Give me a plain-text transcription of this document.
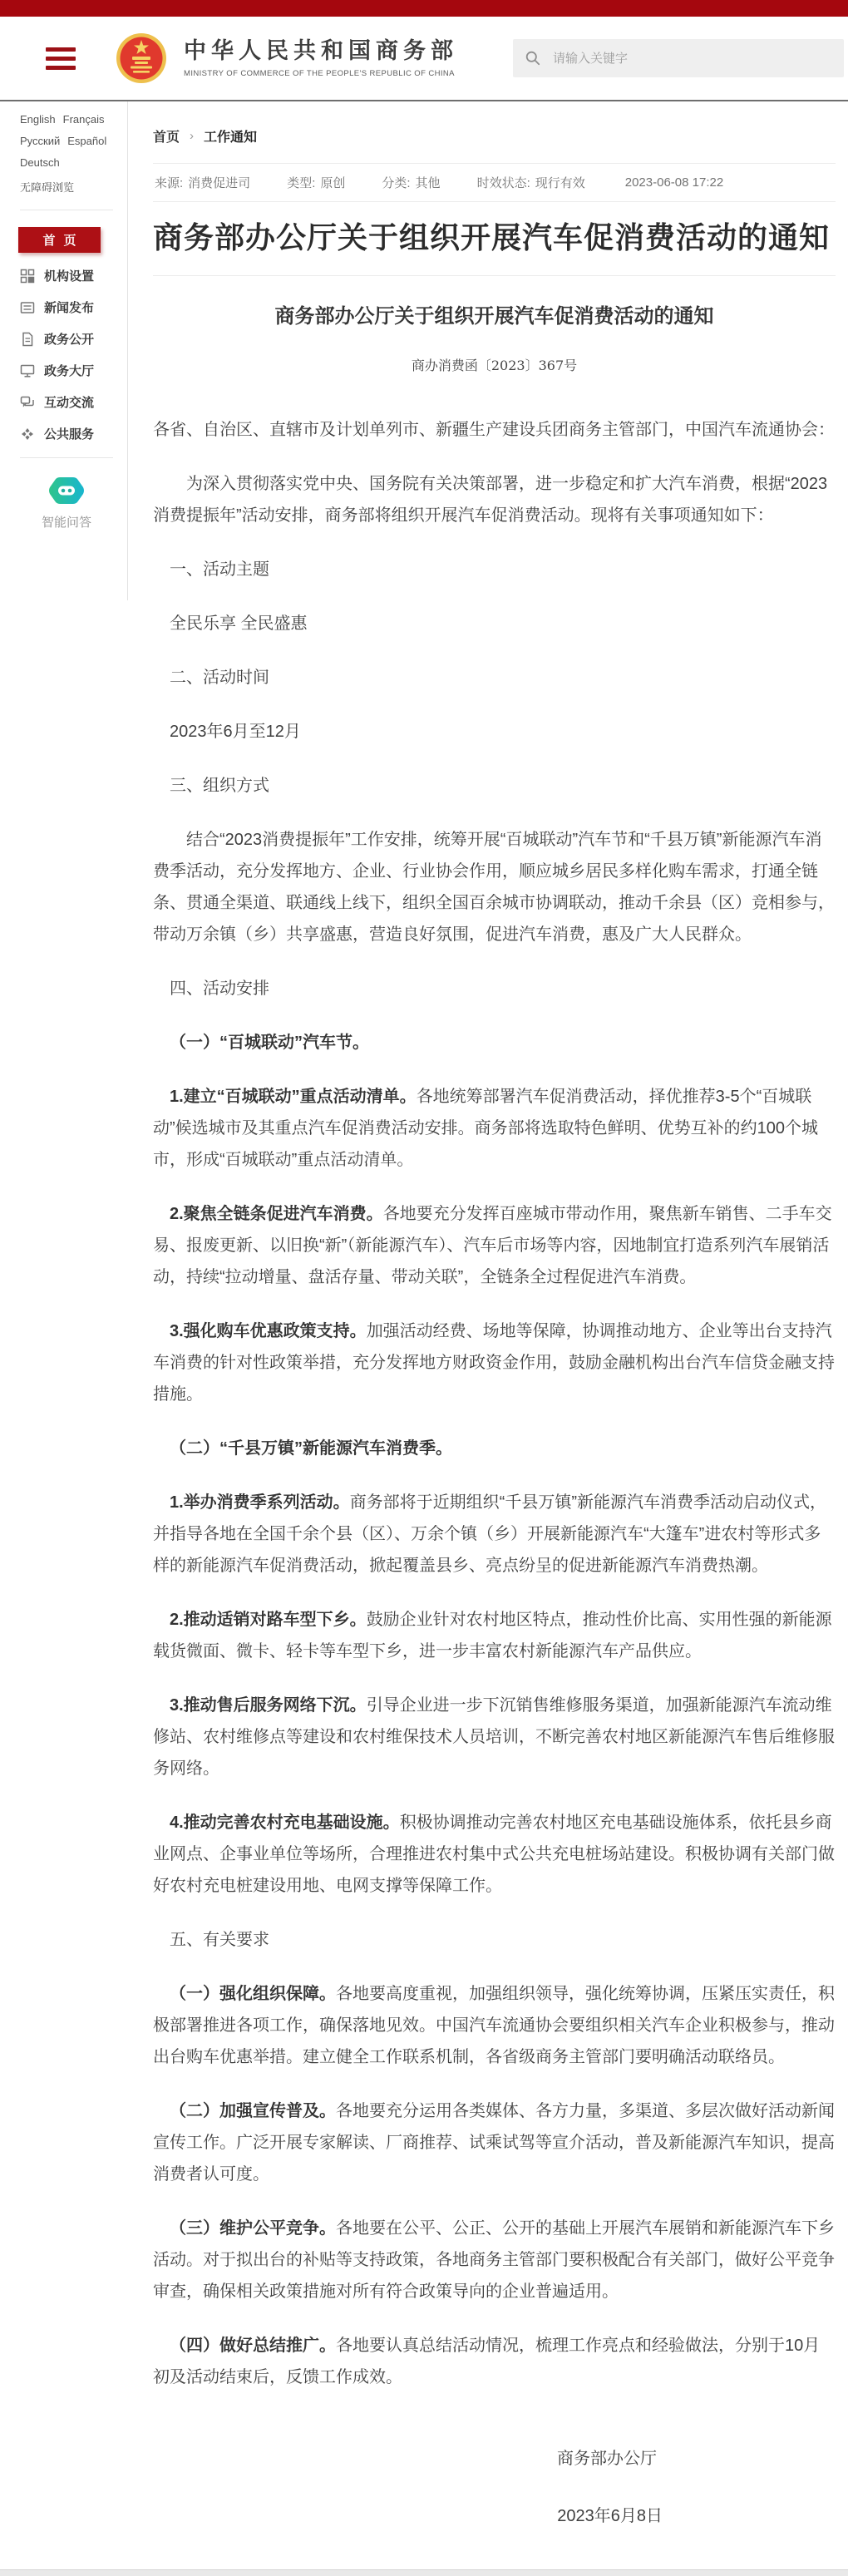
中华人民共和国商务部
MINISTRY OF COMMERCE OF THE PEOPLE'S REPUBLIC OF CHINA
请输入关键字
English Français
Русский Español
Deutsch
无障碍浏览
首页
机构设置
新闻发布
政务公开
政务大厅
互动交流
公共服务
智能问答
首页 › 工作通知
来源: 消费促进司	类型: 原创	分类: 其他	时效状态: 现行有效	2023-06-08 17:22
商务部办公厅关于组织开展汽车促消费活动的通知
商务部办公厅关于组织开展汽车促消费活动的通知
商办消费函〔2023〕367号

各省、自治区、直辖市及计划单列市、新疆生产建设兵团商务主管部门，中国汽车流通协会：

为深入贯彻落实党中央、国务院有关决策部署，进一步稳定和扩大汽车消费，根据“2023消费提振年”活动安排，商务部将组织开展汽车促消费活动。现将有关事项通知如下：

一、活动主题

全民乐享 全民盛惠

二、活动时间

2023年6月至12月

三、组织方式

结合“2023消费提振年”工作安排，统筹开展“百城联动”汽车节和“千县万镇”新能源汽车消费季活动，充分发挥地方、企业、行业协会作用，顺应城乡居民多样化购车需求，打通全链条、贯通全渠道、联通线上线下，组织全国百余城市协调联动，推动千余县（区）竞相参与，带动万余镇（乡）共享盛惠，营造良好氛围，促进汽车消费，惠及广大人民群众。

四、活动安排

（一）“百城联动”汽车节。

1.建立“百城联动”重点活动清单。各地统筹部署汽车促消费活动，择优推荐3-5个“百城联动”候选城市及其重点汽车促消费活动安排。商务部将选取特色鲜明、优势互补的约100个城市，形成“百城联动”重点活动清单。

2.聚焦全链条促进汽车消费。各地要充分发挥百座城市带动作用，聚焦新车销售、二手车交易、报废更新、以旧换“新”（新能源汽车）、汽车后市场等内容，因地制宜打造系列汽车展销活动，持续“拉动增量、盘活存量、带动关联”，全链条全过程促进汽车消费。

3.强化购车优惠政策支持。加强活动经费、场地等保障，协调推动地方、企业等出台支持汽车消费的针对性政策举措，充分发挥地方财政资金作用，鼓励金融机构出台汽车信贷金融支持措施。

（二）“千县万镇”新能源汽车消费季。

1.举办消费季系列活动。商务部将于近期组织“千县万镇”新能源汽车消费季活动启动仪式，并指导各地在全国千余个县（区）、万余个镇（乡）开展新能源汽车“大篷车”进农村等形式多样的新能源汽车促消费活动，掀起覆盖县乡、亮点纷呈的促进新能源汽车消费热潮。

2.推动适销对路车型下乡。鼓励企业针对农村地区特点，推动性价比高、实用性强的新能源载货微面、微卡、轻卡等车型下乡，进一步丰富农村新能源汽车产品供应。

3.推动售后服务网络下沉。引导企业进一步下沉销售维修服务渠道，加强新能源汽车流动维修站、农村维修点等建设和农村维保技术人员培训，不断完善农村地区新能源汽车售后维修服务网络。

4.推动完善农村充电基础设施。积极协调推动完善农村地区充电基础设施体系，依托县乡商业网点、企事业单位等场所，合理推进农村集中式公共充电桩场站建设。积极协调有关部门做好农村充电桩建设用地、电网支撑等保障工作。

五、有关要求

（一）强化组织保障。各地要高度重视，加强组织领导，强化统筹协调，压紧压实责任，积极部署推进各项工作，确保落地见效。中国汽车流通协会要组织相关汽车企业积极参与，推动出台购车优惠举措。建立健全工作联系机制，各省级商务主管部门要明确活动联络员。

（二）加强宣传普及。各地要充分运用各类媒体、各方力量，多渠道、多层次做好活动新闻宣传工作。广泛开展专家解读、厂商推荐、试乘试驾等宣介活动，普及新能源汽车知识，提高消费者认可度。

（三）维护公平竞争。各地要在公平、公正、公开的基础上开展汽车展销和新能源汽车下乡活动。对于拟出台的补贴等支持政策，各地商务主管部门要积极配合有关部门，做好公平竞争审查，确保相关政策措施对所有符合政策导向的企业普遍适用。

（四）做好总结推广。各地要认真总结活动情况，梳理工作亮点和经验做法，分别于10月初及活动结束后，反馈工作成效。

商务部办公厅
2023年6月8日
